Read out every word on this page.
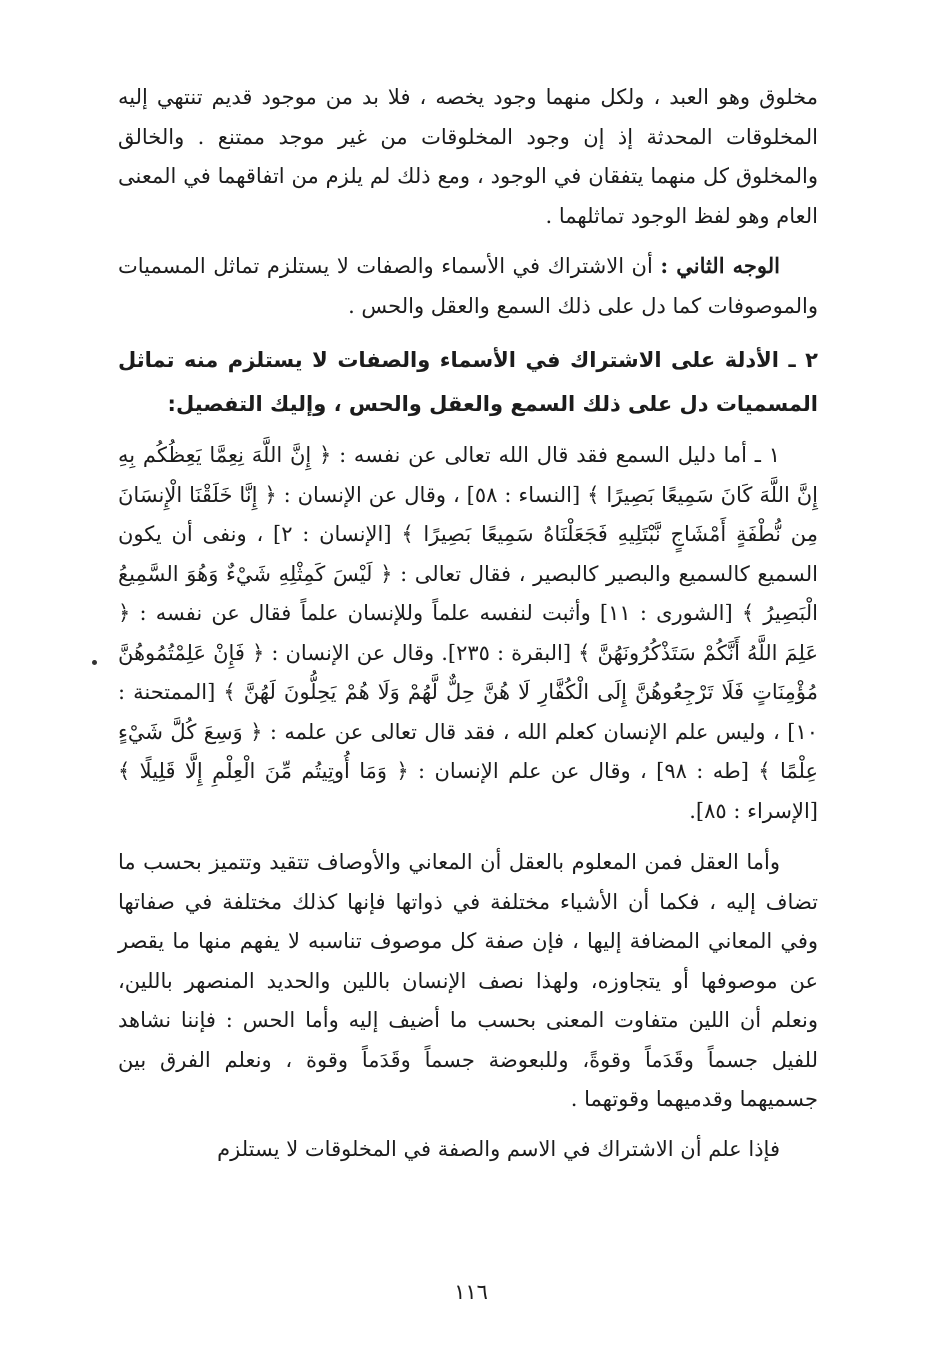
مخلوق وهو العبد ، ولكل منهما وجود يخصه ، فلا بد من موجود قديم تنتهي إليه المخلوقات المحدثة إذ إن وجود المخلوقات من غير موجد ممتنع . والخالق والمخلوق كل منهما يتفقان في الوجود ، ومع ذلك لم يلزم من اتفاقهما في المعنى العام وهو لفظ الوجود تماثلهما .

الوجه الثاني : أن الاشتراك في الأسماء والصفات لا يستلزم تماثل المسميات والموصوفات كما دل على ذلك السمع والعقل والحس .

٢ ـ الأدلة على الاشتراك في الأسماء والصفات لا يستلزم منه تماثل المسميات دل على ذلك السمع والعقل والحس ، وإليك التفصيل:

١ ـ أما دليل السمع فقد قال الله تعالى عن نفسه : ﴿ إِنَّ اللَّهَ نِعِمَّا يَعِظُكُم بِهِ إِنَّ اللَّهَ كَانَ سَمِيعًا بَصِيرًا ﴾ [النساء : ٥٨] ، وقال عن الإنسان : ﴿ إِنَّا خَلَقْنَا الْإِنسَانَ مِن نُّطْفَةٍ أَمْشَاجٍ نَّبْتَلِيهِ فَجَعَلْنَاهُ سَمِيعًا بَصِيرًا ﴾ [الإنسان : ٢] ، ونفى أن يكون السميع كالسميع والبصير كالبصير ، فقال تعالى : ﴿ لَيْسَ كَمِثْلِهِ شَيْءٌ وَهُوَ السَّمِيعُ الْبَصِيرُ ﴾ [الشورى : ١١] وأثبت لنفسه علماً وللإنسان علماً فقال عن نفسه : ﴿ عَلِمَ اللَّهُ أَنَّكُمْ سَتَذْكُرُونَهُنَّ ﴾ [البقرة : ٢٣٥]. وقال عن الإنسان : ﴿ فَإِنْ عَلِمْتُمُوهُنَّ مُؤْمِنَاتٍ فَلَا تَرْجِعُوهُنَّ إِلَى الْكُفَّارِ لَا هُنَّ حِلٌّ لَّهُمْ وَلَا هُمْ يَحِلُّونَ لَهُنَّ ﴾ [الممتحنة : ١٠] ، وليس علم الإنسان كعلم الله ، فقد قال تعالى عن علمه : ﴿ وَسِعَ كُلَّ شَيْءٍ عِلْمًا ﴾ [طه : ٩٨] ، وقال عن علم الإنسان : ﴿ وَمَا أُوتِيتُم مِّنَ الْعِلْمِ إِلَّا قَلِيلًا ﴾ [الإسراء : ٨٥].

وأما العقل فمن المعلوم بالعقل أن المعاني والأوصاف تتقيد وتتميز بحسب ما تضاف إليه ، فكما أن الأشياء مختلفة في ذواتها فإنها كذلك مختلفة في صفاتها وفي المعاني المضافة إليها ، فإن صفة كل موصوف تناسبه لا يفهم منها ما يقصر عن موصوفها أو يتجاوزه، ولهذا نصف الإنسان باللين والحديد المنصهر باللين، ونعلم أن اللين متفاوت المعنى بحسب ما أضيف إليه وأما الحس : فإننا نشاهد للفيل جسماً وقَدَماً وقوةً، وللبعوضة جسماً وقَدَماً وقوة ، ونعلم الفرق بين جسميهما وقدميهما وقوتهما .

فإذا علم أن الاشتراك في الاسم والصفة في المخلوقات لا يستلزم

١١٦
